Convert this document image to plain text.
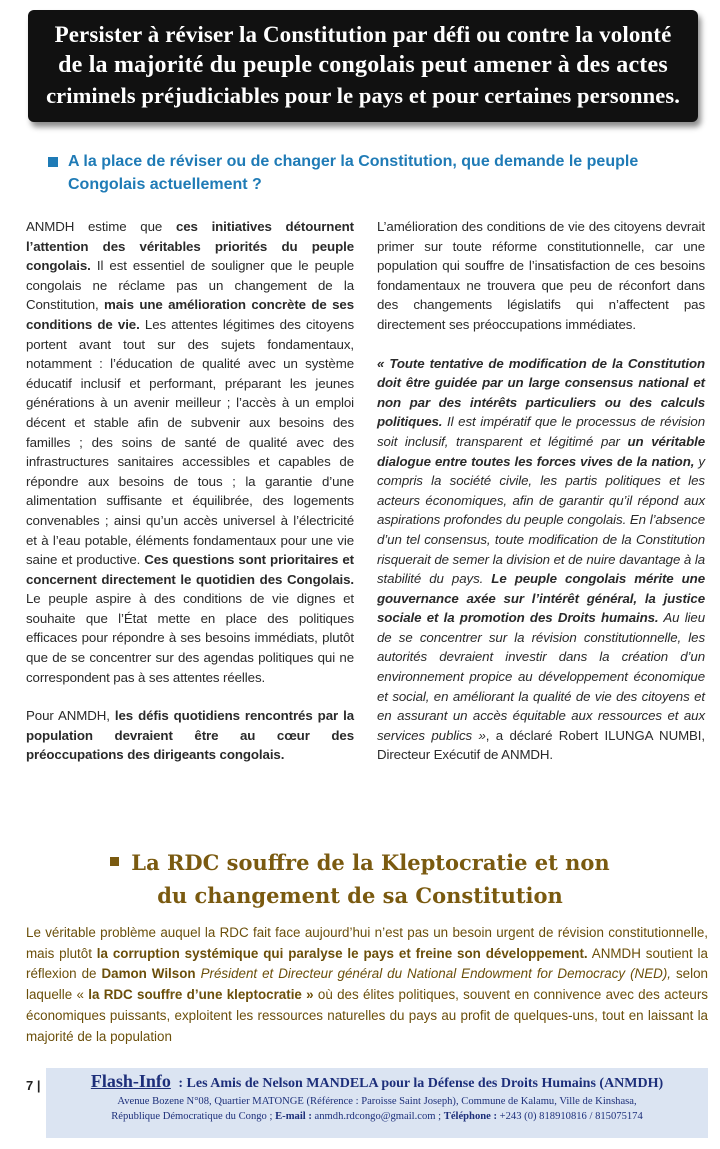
Persister à réviser la Constitution par défi ou contre la volonté
de la majorité du peuple congolais peut amener à des actes
criminels préjudiciables pour le pays et pour certaines personnes.
A la place de réviser ou de changer la Constitution, que demande le peuple Congolais actuellement ?

ANMDH estime que ces initiatives détournent l’attention des véritables priorités du peuple congolais. Il est essentiel de souligner que le peuple congolais ne réclame pas un changement de la Constitution, mais une amélioration concrète de ses conditions de vie. Les attentes légitimes des citoyens portent avant tout sur des sujets fondamentaux, notamment : l’éducation de qualité avec un système éducatif inclusif et performant, préparant les jeunes générations à un avenir meilleur ; l’accès à un emploi décent et stable afin de subvenir aux besoins des familles ; des soins de santé de qualité avec des infrastructures sanitaires accessibles et capables de répondre aux besoins de tous ; la garantie d’une alimentation suffisante et équilibrée, des logements convenables ; ainsi qu’un accès universel à l’électricité et à l’eau potable, éléments fondamentaux pour une vie saine et productive. Ces questions sont prioritaires et concernent directement le quotidien des Congolais. Le peuple aspire à des conditions de vie dignes et souhaite que l’État mette en place des politiques efficaces pour répondre à ses besoins immédiats, plutôt que de se concentrer sur des agendas politiques qui ne correspondent pas à ses attentes réelles.

Pour ANMDH, les défis quotidiens rencontrés par la population devraient être au cœur des préoccupations des dirigeants congolais.

L’amélioration des conditions de vie des citoyens devrait primer sur toute réforme constitutionnelle, car une population qui souffre de l’insatisfaction de ces besoins fondamentaux ne trouvera que peu de réconfort dans des changements législatifs qui n’affectent pas directement ses préoccupations immédiates.

« Toute tentative de modification de la Constitution doit être guidée par un large consensus national et non par des intérêts particuliers ou des calculs politiques. Il est impératif que le processus de révision soit inclusif, transparent et légitimé par un véritable dialogue entre toutes les forces vives de la nation, y compris la société civile, les partis politiques et les acteurs économiques, afin de garantir qu’il répond aux aspirations profondes du peuple congolais. En l’absence d’un tel consensus, toute modification de la Constitution risquerait de semer la division et de nuire davantage à la stabilité du pays. Le peuple congolais mérite une gouvernance axée sur l’intérêt général, la justice sociale et la promotion des Droits humains. Au lieu de se concentrer sur la révision constitutionnelle, les autorités devraient investir dans la création d’un environnement propice au développement économique et social, en améliorant la qualité de vie des citoyens et en assurant un accès équitable aux ressources et aux services publics », a déclaré Robert ILUNGA NUMBI, Directeur Exécutif de ANMDH.

La RDC souffre de la Kleptocratie et non
du changement de sa Constitution
Le véritable problème auquel la RDC fait face aujourd’hui n’est pas un besoin urgent de révision constitutionnelle, mais plutôt la corruption systémique qui paralyse le pays et freine son développement. ANMDH soutient la réflexion de Damon Wilson Président et Directeur général du National Endowment for Democracy (NED), selon laquelle « la RDC souffre d’une kleptocratie » où des élites politiques, souvent en connivence avec des acteurs économiques puissants, exploitent les ressources naturelles du pays au profit de quelques-uns, tout en laissant la majorité de la population
7 |	Flash-Info : Les Amis de Nelson MANDELA pour la Défense des Droits Humains (ANMDH)
Avenue Bozene N°08, Quartier MATONGE (Référence : Paroisse Saint Joseph), Commune de Kalamu, Ville de Kinshasa,
République Démocratique du Congo ; E-mail : anmdh.rdcongo@gmail.com ; Téléphone : +243 (0) 818910816 / 815075174
